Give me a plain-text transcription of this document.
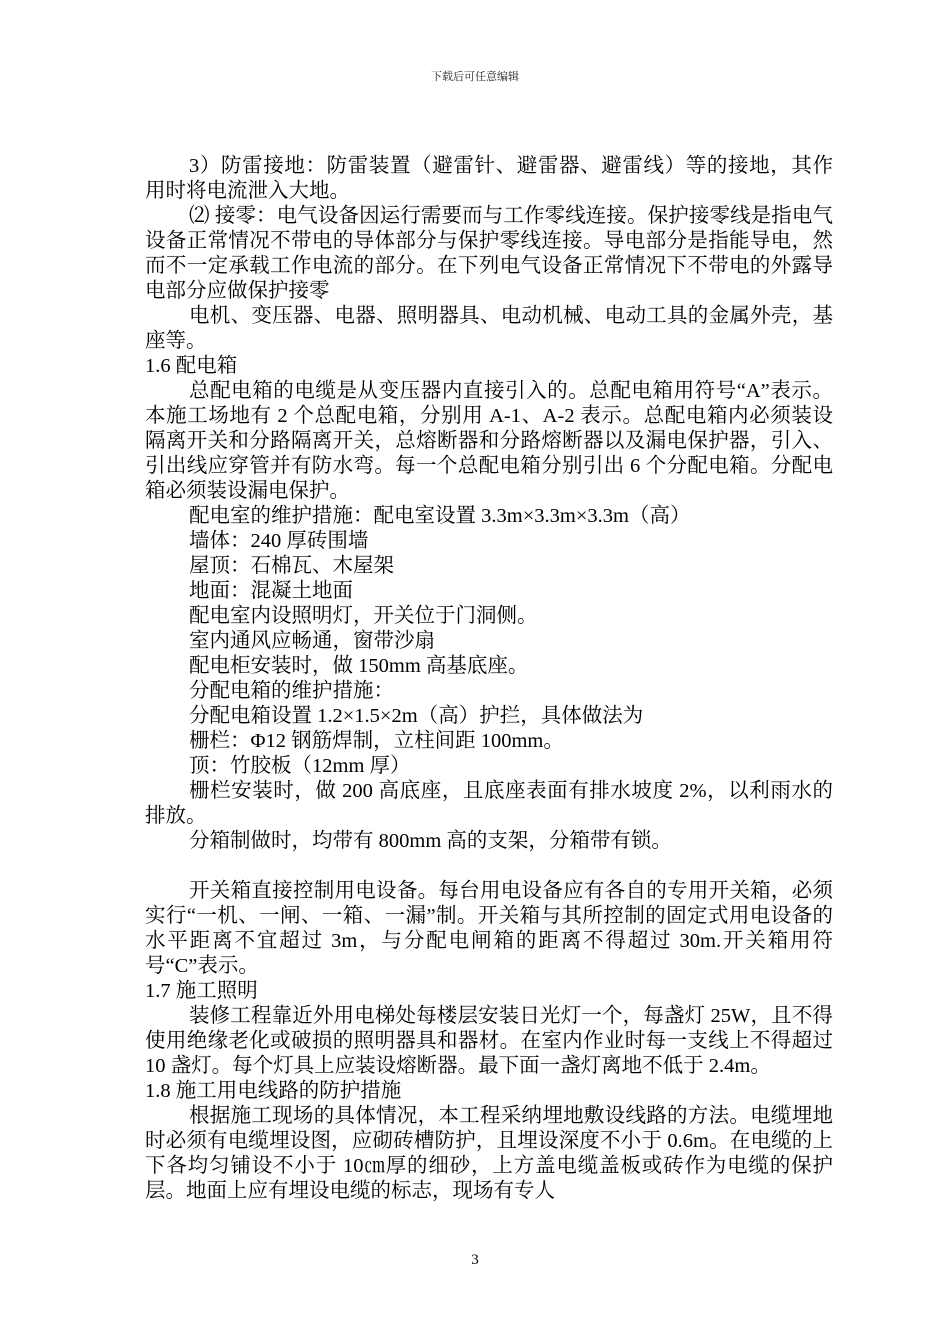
下载后可任意编辑

3）防雷接地：防雷装置（避雷针、避雷器、避雷线）等的接地，其作用时将电流泄入大地。

⑵ 接零：电气设备因运行需要而与工作零线连接。保护接零线是指电气设备正常情况不带电的导体部分与保护零线连接。导电部分是指能导电，然而不一定承载工作电流的部分。在下列电气设备正常情况下不带电的外露导电部分应做保护接零

电机、变压器、电器、照明器具、电动机械、电动工具的金属外壳，基座等。

1.6 配电箱

总配电箱的电缆是从变压器内直接引入的。总配电箱用符号“A”表示。本施工场地有 2 个总配电箱，分别用 A-1、A-2 表示。总配电箱内必须装设隔离开关和分路隔离开关，总熔断器和分路熔断器以及漏电保护器，引入、引出线应穿管并有防水弯。每一个总配电箱分别引出 6 个分配电箱。分配电箱必须装设漏电保护。

配电室的维护措施：配电室设置 3.3m×3.3m×3.3m（高）

墙体：240 厚砖围墙

屋顶：石棉瓦、木屋架

地面：混凝土地面

配电室内设照明灯，开关位于门洞侧。

室内通风应畅通，窗带沙扇

配电柜安装时，做 150mm 高基底座。

分配电箱的维护措施：

分配电箱设置 1.2×1.5×2m（高）护拦，具体做法为

栅栏：Φ12 钢筋焊制，立柱间距 100mm。

顶：竹胶板（12mm 厚）

栅栏安装时，做 200 高底座，且底座表面有排水坡度 2%，以利雨水的排放。

分箱制做时，均带有 800mm 高的支架，分箱带有锁。

开关箱直接控制用电设备。每台用电设备应有各自的专用开关箱，必须实行“一机、一闸、一箱、一漏”制。开关箱与其所控制的固定式用电设备的水平距离不宜超过 3m，与分配电闸箱的距离不得超过 30m.开关箱用符号“C”表示。

1.7 施工照明

装修工程靠近外用电梯处每楼层安装日光灯一个，每盏灯 25W，且不得使用绝缘老化或破损的照明器具和器材。在室内作业时每一支线上不得超过 10 盏灯。每个灯具上应装设熔断器。最下面一盏灯离地不低于 2.4m。

1.8 施工用电线路的防护措施

根据施工现场的具体情况，本工程采纳埋地敷设线路的方法。电缆埋地时必须有电缆埋设图，应砌砖槽防护，且埋设深度不小于 0.6m。在电缆的上下各均匀铺设不小于 10㎝厚的细砂，上方盖电缆盖板或砖作为电缆的保护层。地面上应有埋设电缆的标志，现场有专人

3
